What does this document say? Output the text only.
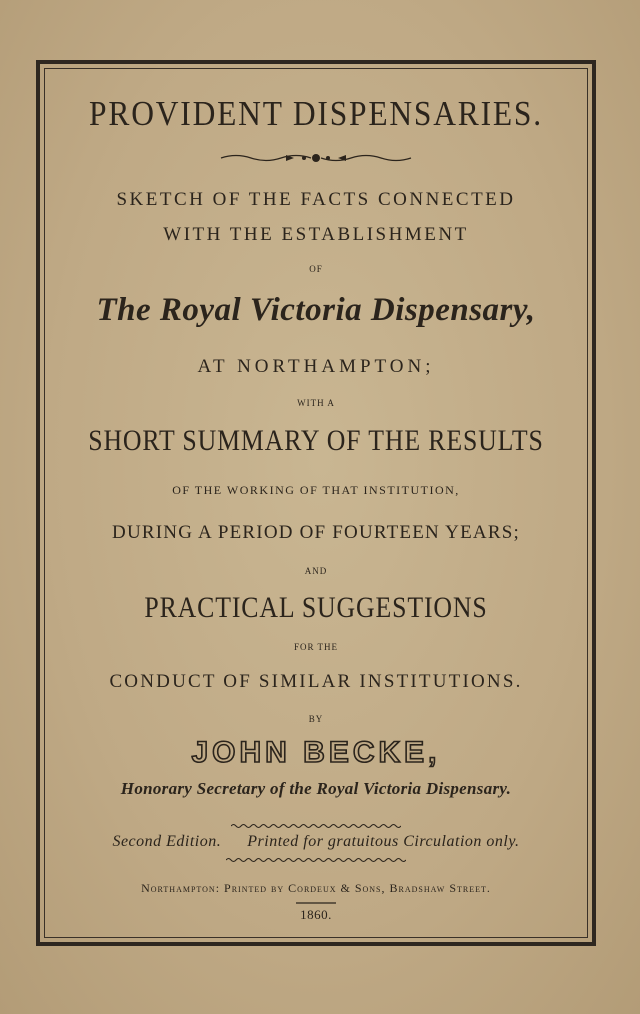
PROVIDENT DISPENSARIES.
SKETCH OF THE FACTS CONNECTED
WITH THE ESTABLISHMENT
OF
The Royal Victoria Dispensary,
AT NORTHAMPTON;
WITH A
SHORT SUMMARY OF THE RESULTS
OF THE WORKING OF THAT INSTITUTION,
DURING A PERIOD OF FOURTEEN YEARS;
AND
PRACTICAL SUGGESTIONS
FOR THE
CONDUCT OF SIMILAR INSTITUTIONS.
BY
JOHN BECKE,
Honorary Secretary of the Royal Victoria Dispensary.
Second Edition. Printed for gratuitous Circulation only.
Northampton: Printed by Cordeux & Sons, Bradshaw Street.
1860.
